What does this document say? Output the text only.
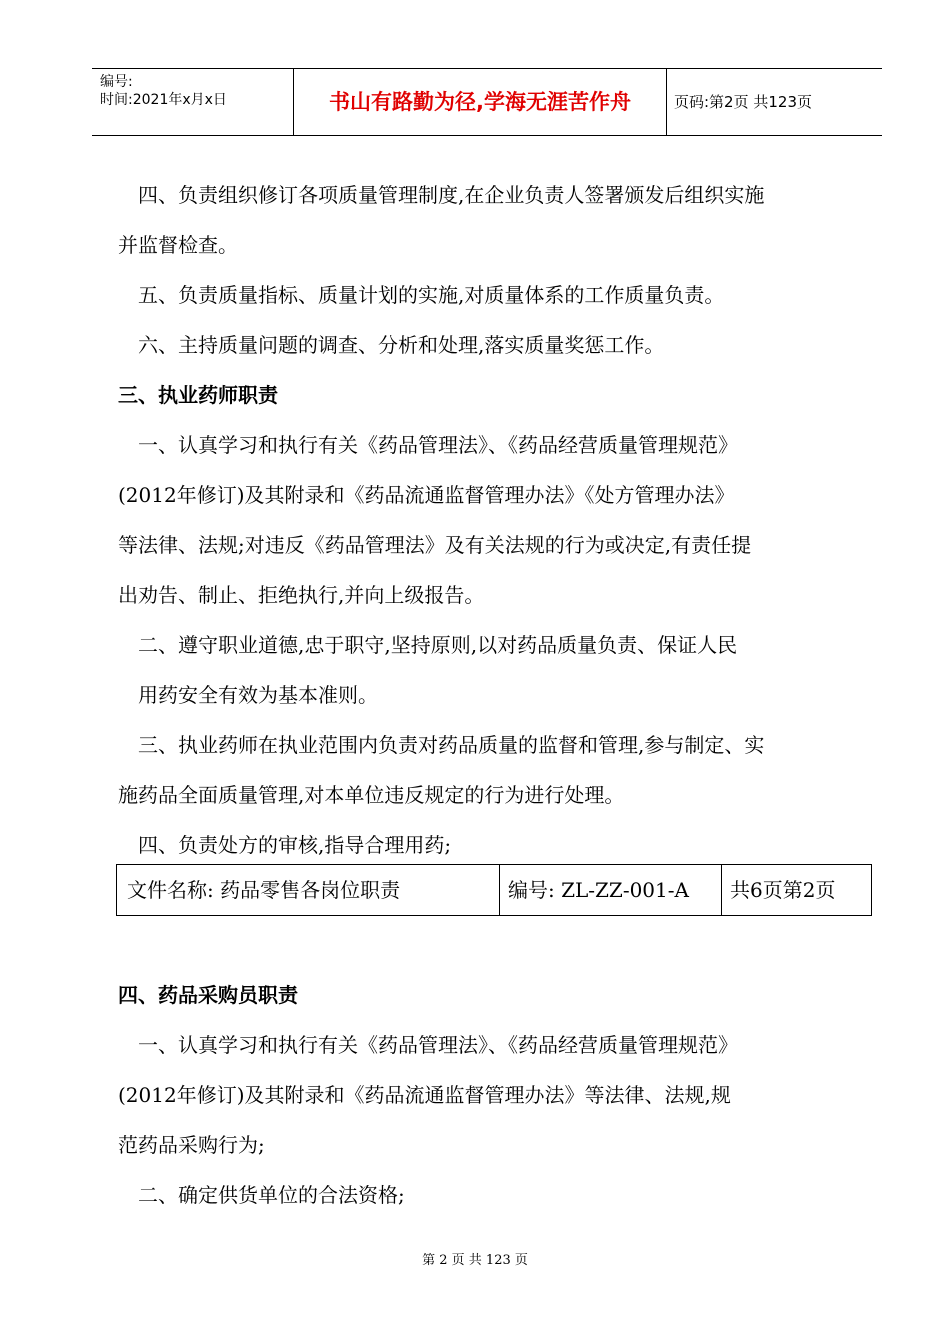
编号:
时间:2021年x月x日	书山有路勤为径,学海无涯苦作舟	页码:第2页 共123页
四、负责组织修订各项质量管理制度,在企业负责人签署颁发后组织实施
并监督检查。
五、负责质量指标、质量计划的实施,对质量体系的工作质量负责。
六、主持质量问题的调查、分析和处理,落实质量奖惩工作。
三、执业药师职责
一、认真学习和执行有关《药品管理法》、《药品经营质量管理规范》
(2012年修订)及其附录和《药品流通监督管理办法》《处方管理办法》
等法律、法规;对违反《药品管理法》及有关法规的行为或决定,有责任提
出劝告、制止、拒绝执行,并向上级报告。
二、遵守职业道德,忠于职守,坚持原则,以对药品质量负责、保证人民
用药安全有效为基本准则。
三、执业药师在执业范围内负责对药品质量的监督和管理,参与制定、实
施药品全面质量管理,对本单位违反规定的行为进行处理。
四、负责处方的审核,指导合理用药;
文件名称: 药品零售各岗位职责	编号: ZL-ZZ-001-A	共6页第2页
四、药品采购员职责
一、认真学习和执行有关《药品管理法》、《药品经营质量管理规范》
(2012年修订)及其附录和《药品流通监督管理办法》等法律、法规,规
范药品采购行为;
二、确定供货单位的合法资格;
第 2 页 共 123 页
